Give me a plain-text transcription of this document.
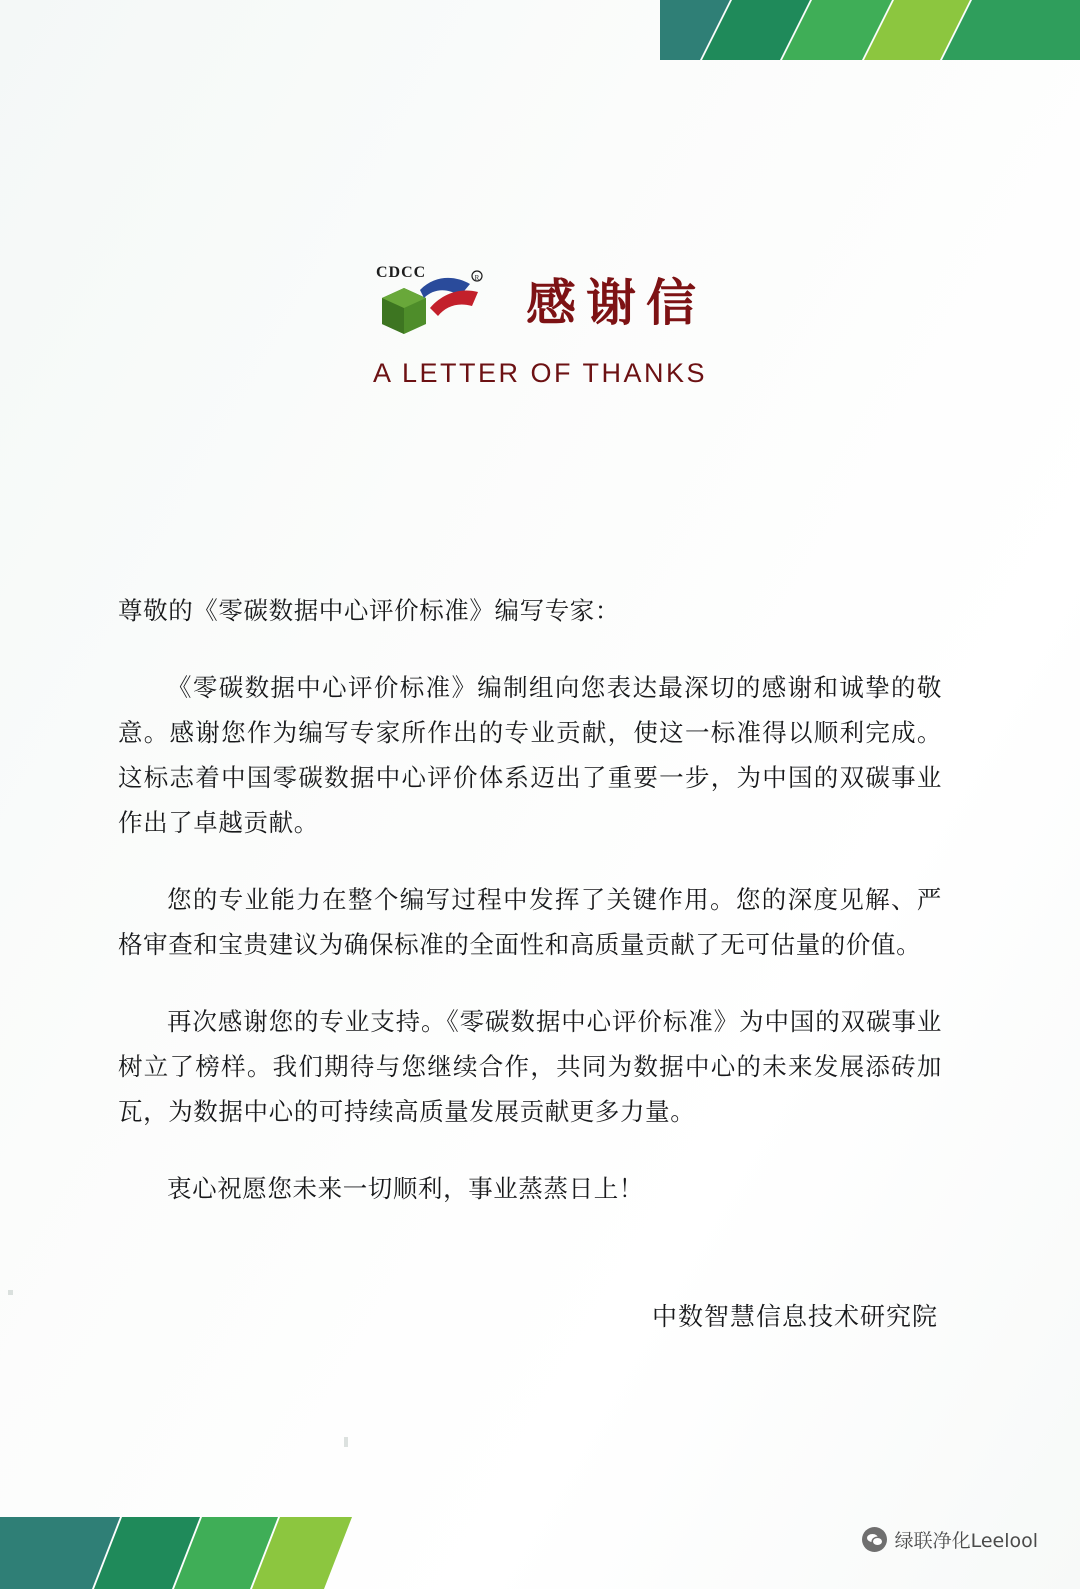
CDCC	R 感谢信
A LETTER OF THANKS

尊敬的《零碳数据中心评价标准》编写专家：

《零碳数据中心评价标准》编制组向您表达最深切的感谢和诚挚的敬意。感谢您作为编写专家所作出的专业贡献，使这一标准得以顺利完成。这标志着中国零碳数据中心评价体系迈出了重要一步，为中国的双碳事业作出了卓越贡献。

您的专业能力在整个编写过程中发挥了关键作用。您的深度见解、严格审查和宝贵建议为确保标准的全面性和高质量贡献了无可估量的价值。

再次感谢您的专业支持。《零碳数据中心评价标准》为中国的双碳事业树立了榜样。我们期待与您继续合作，共同为数据中心的未来发展添砖加瓦，为数据中心的可持续高质量发展贡献更多力量。

衷心祝愿您未来一切顺利，事业蒸蒸日上！

中数智慧信息技术研究院
绿联净化Leelool
